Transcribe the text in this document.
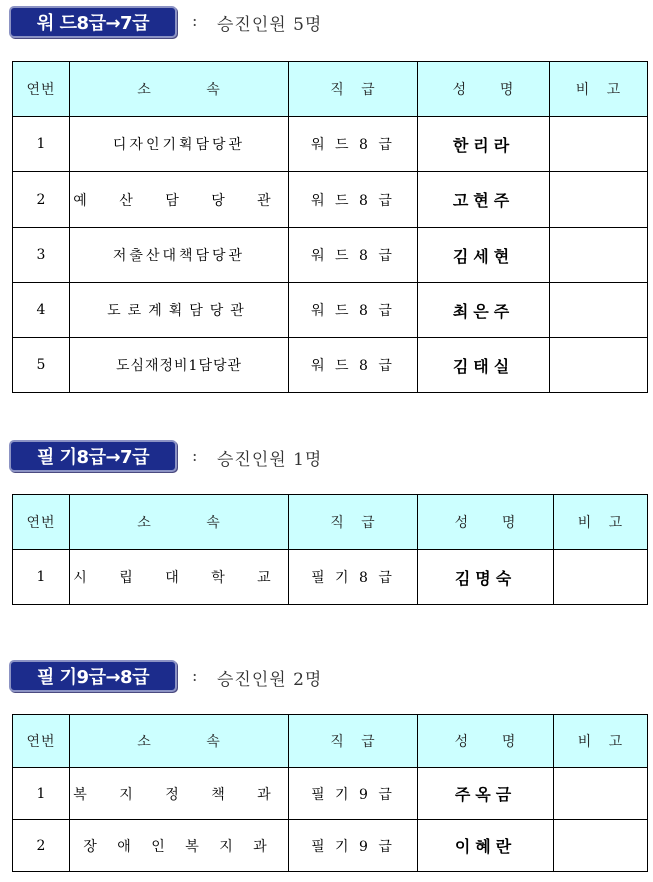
워 드8급→7급	: 승진인원 5명
연번	소          속	직   급	성      명	비   고
1	디자인기획담당관	워 드 8 급	한리라	
2	예 산 담 당 관	워 드 8 급	고현주	
3	저출산대책담당관	워 드 8 급	김세현	
4	도로계획담당관	워 드 8 급	최은주	
5	도심재정비1담당관	워 드 8 급	김태실	
필 기8급→7급	: 승진인원 1명
연번	소          속	직   급	성      명	비   고
1	시 립 대 학 교	필 기 8 급	김명숙	
필 기9급→8급	: 승진인원 2명
연번	소          속	직   급	성      명	비   고
1	복 지 정 책 과	필 기 9 급	주옥금	
2	장 애 인 복 지 과	필 기 9 급	이혜란	
